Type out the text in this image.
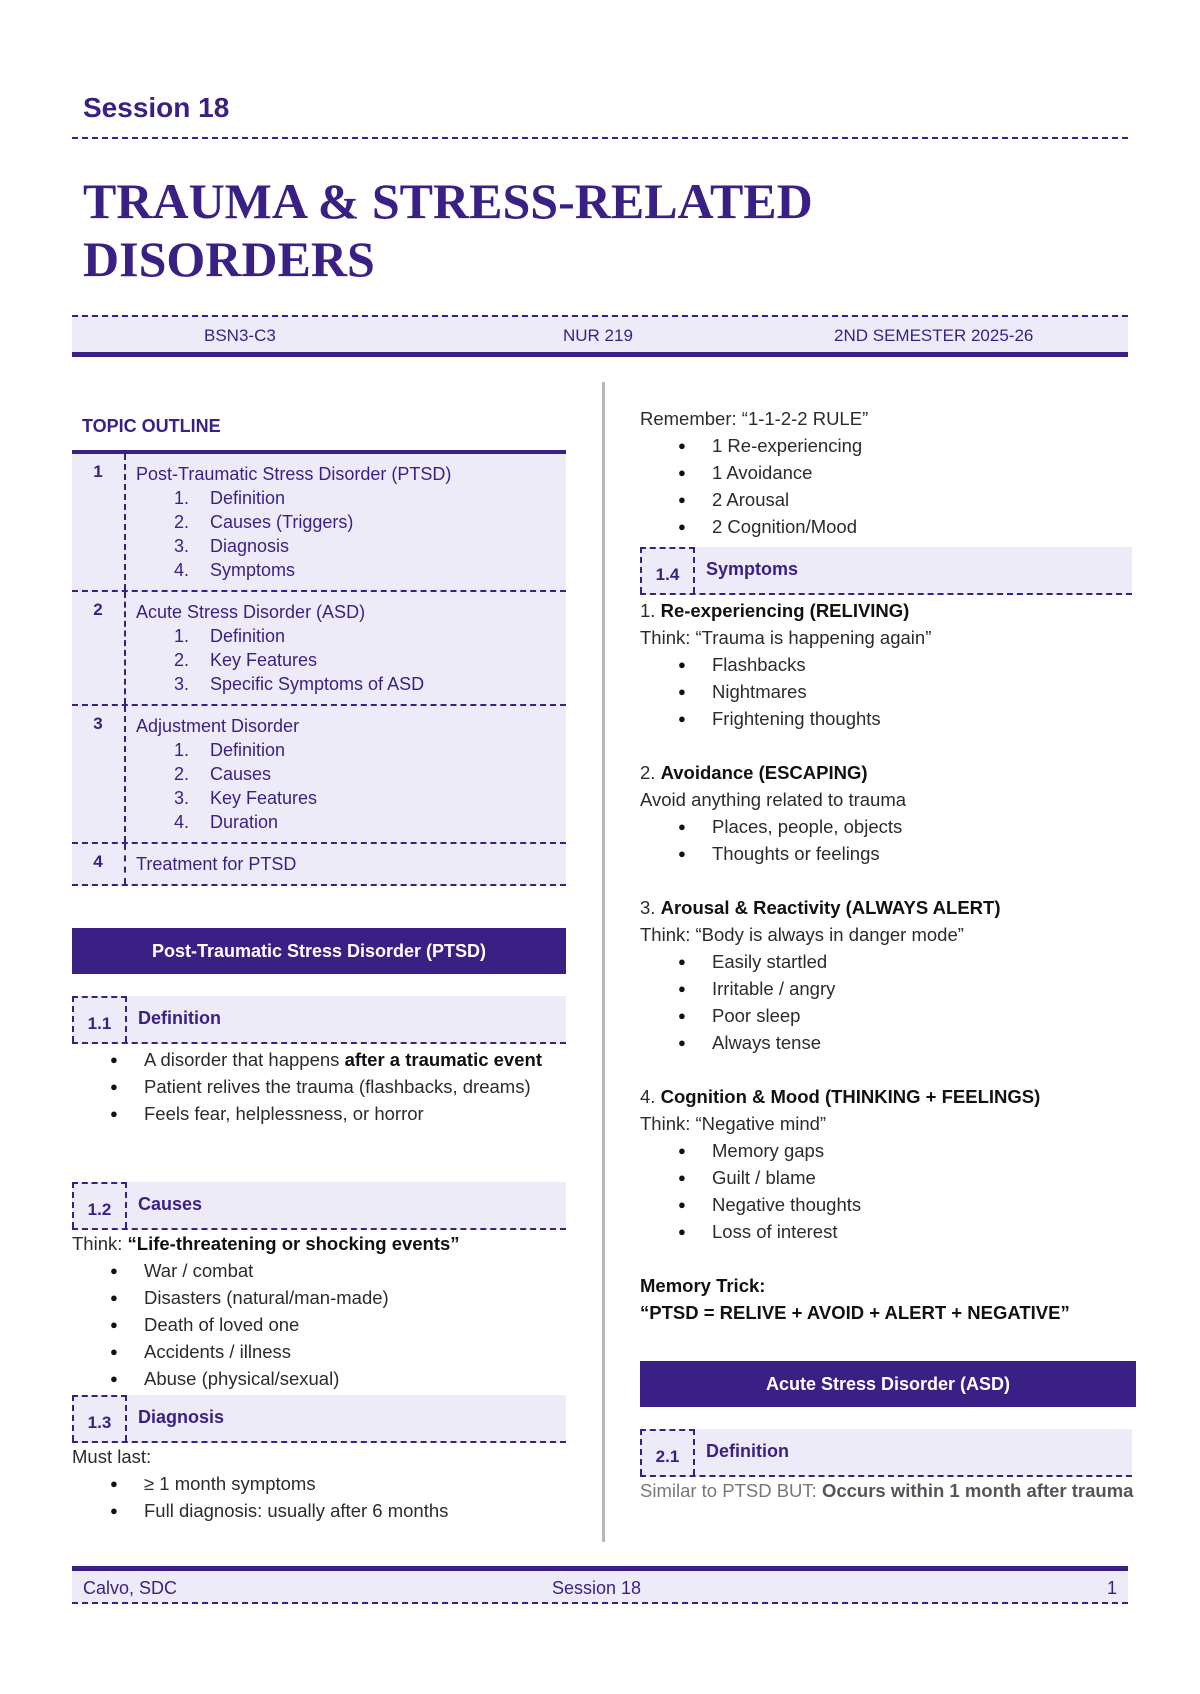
Session 18
TRAUMA & STRESS-RELATED DISORDERS
BSN3-C3	NUR 219	2ND SEMESTER 2025-26
TOPIC OUTLINE
1	Post-Traumatic Stress Disorder (PTSD)
1. Definition
2. Causes (Triggers)
3. Diagnosis
4. Symptoms
2	Acute Stress Disorder (ASD)
1. Definition
2. Key Features
3. Specific Symptoms of ASD
3	Adjustment Disorder
1. Definition
2. Causes
3. Key Features
4. Duration
4	Treatment for PTSD
Post-Traumatic Stress Disorder (PTSD)
1.1	Definition
● A disorder that happens after a traumatic event
● Patient relives the trauma (flashbacks, dreams)
● Feels fear, helplessness, or horror
1.2	Causes
Think: “Life-threatening or shocking events”
● War / combat
● Disasters (natural/man-made)
● Death of loved one
● Accidents / illness
● Abuse (physical/sexual)
1.3	Diagnosis
Must last:
● ≥ 1 month symptoms
● Full diagnosis: usually after 6 months
Remember: “1-1-2-2 RULE”
● 1 Re-experiencing
● 1 Avoidance
● 2 Arousal
● 2 Cognition/Mood
1.4	Symptoms
1. Re-experiencing (RELIVING)
Think: “Trauma is happening again”
● Flashbacks
● Nightmares
● Frightening thoughts
2. Avoidance (ESCAPING)
Avoid anything related to trauma
● Places, people, objects
● Thoughts or feelings
3. Arousal & Reactivity (ALWAYS ALERT)
Think: “Body is always in danger mode”
● Easily startled
● Irritable / angry
● Poor sleep
● Always tense
4. Cognition & Mood (THINKING + FEELINGS)
Think: “Negative mind”
● Memory gaps
● Guilt / blame
● Negative thoughts
● Loss of interest
Memory Trick:
“PTSD = RELIVE + AVOID + ALERT + NEGATIVE”
Acute Stress Disorder (ASD)
2.1	Definition
Similar to PTSD BUT: Occurs within 1 month after trauma
Calvo, SDC	Session 18	1
